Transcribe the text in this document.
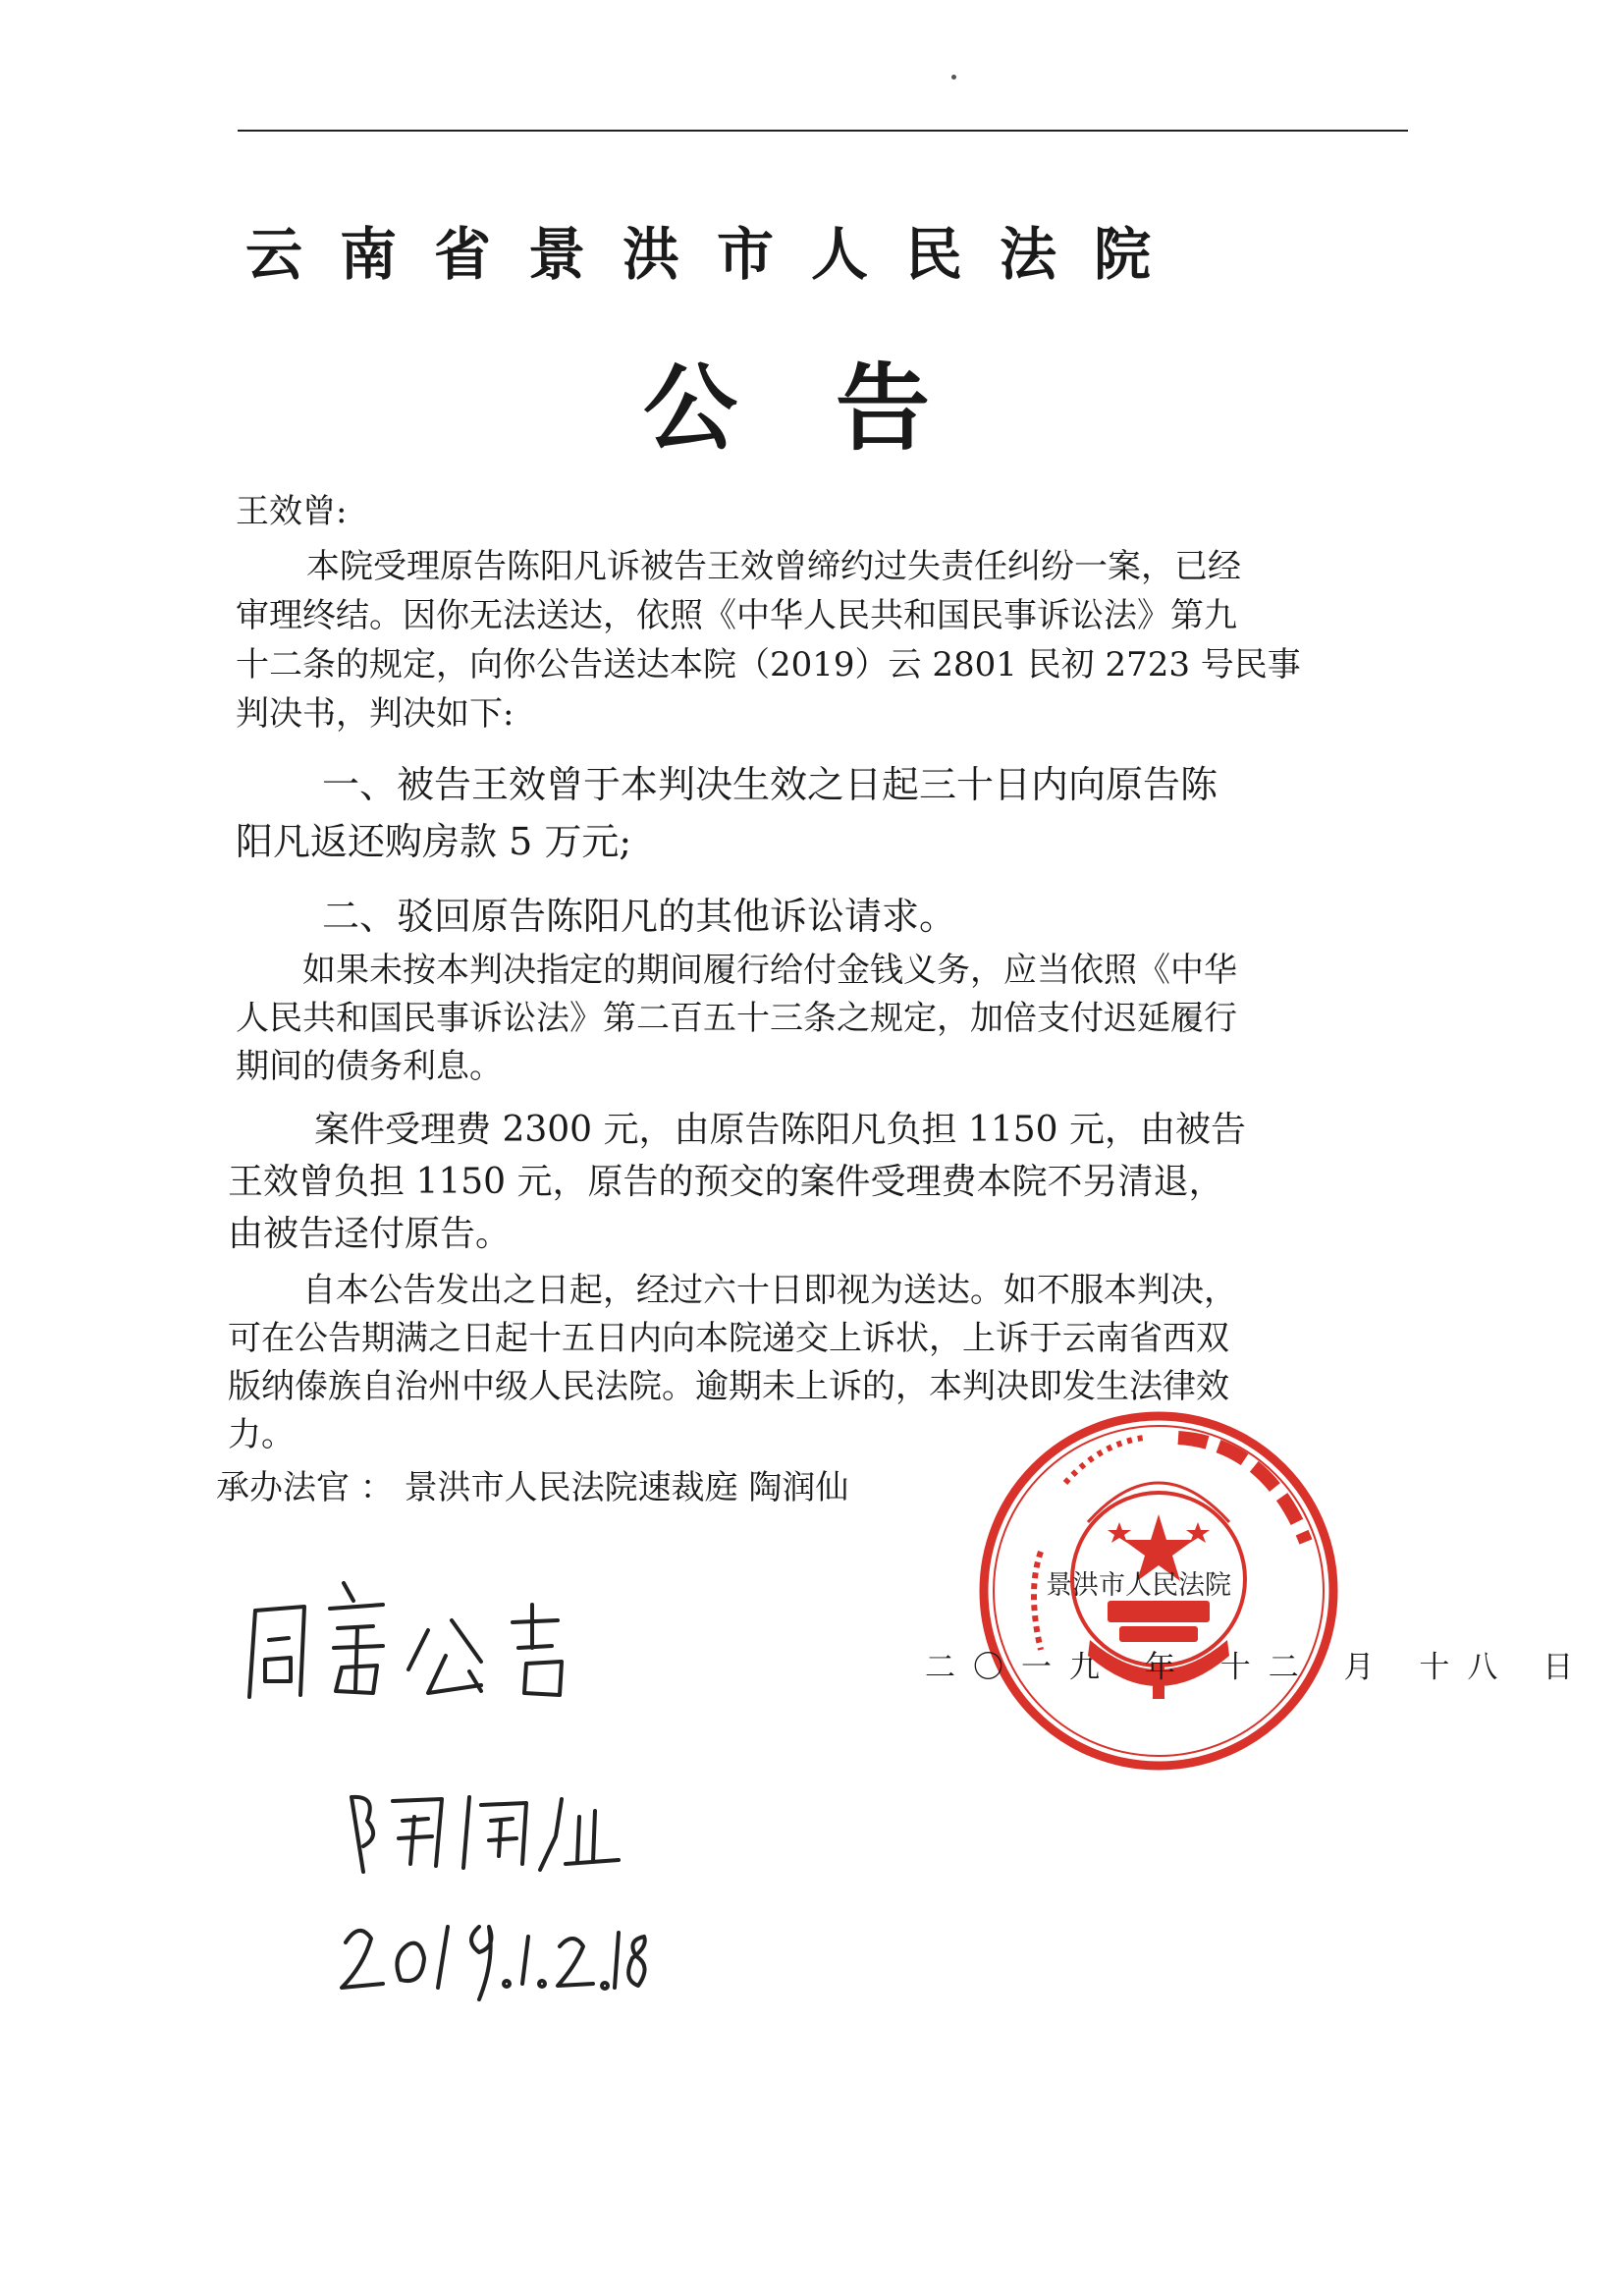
云南省景洪市人民法院
公告
王效曾:

本院受理原告陈阳凡诉被告王效曾缔约过失责任纠纷一案，已经

审理终结。因你无法送达，依照《中华人民共和国民事诉讼法》第九

十二条的规定，向你公告送达本院（2019）云 2801 民初 2723 号民事

判决书，判决如下:

一、被告王效曾于本判决生效之日起三十日内向原告陈

阳凡返还购房款 5 万元;

二、驳回原告陈阳凡的其他诉讼请求。

如果未按本判决指定的期间履行给付金钱义务，应当依照《中华

人民共和国民事诉讼法》第二百五十三条之规定，加倍支付迟延履行

期间的债务利息。

案件受理费 2300 元，由原告陈阳凡负担 1150 元，由被告

王效曾负担 1150 元，原告的预交的案件受理费本院不另清退，

由被告迳付原告。

自本公告发出之日起，经过六十日即视为送达。如不服本判决，

可在公告期满之日起十五日内向本院递交上诉状，上诉于云南省西双

版纳傣族自治州中级人民法院。逾期未上诉的，本判决即发生法律效

力。

承办法官 ： 景洪市人民法院速裁庭 陶润仙
景洪市人民法院
二〇一九 年 十二 月 十八 日
